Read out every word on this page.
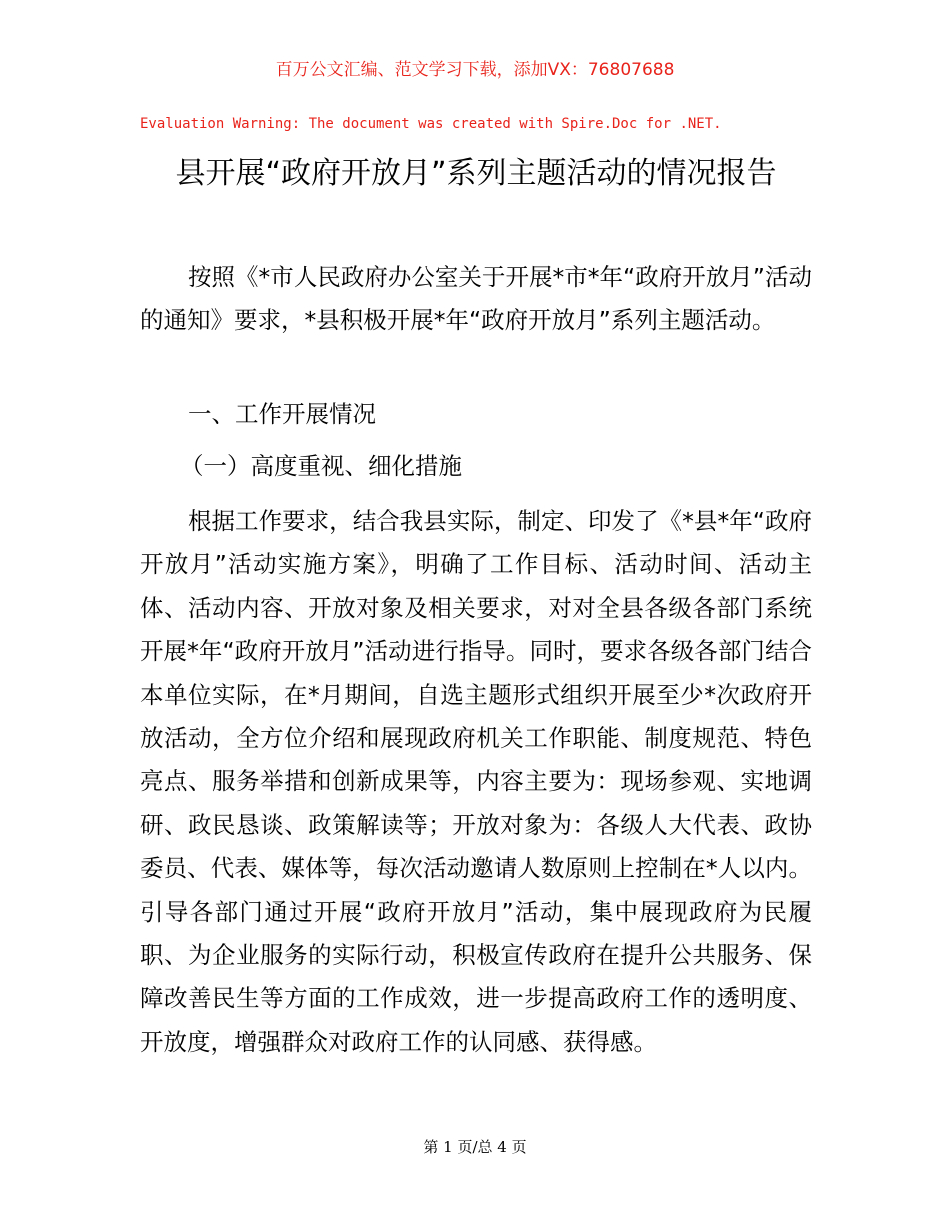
百万公文汇编、范文学习下载，添加VX：76807688
Evaluation Warning: The document was created with Spire.Doc for .NET.
县开展“政府开放月”系列主题活动的情况报告

按照《*市人民政府办公室关于开展*市*年“政府开放月”活动的通知》要求，*县积极开展*年“政府开放月”系列主题活动。

一、工作开展情况

（一）高度重视、细化措施

根据工作要求，结合我县实际，制定、印发了《*县*年“政府开放月”活动实施方案》，明确了工作目标、活动时间、活动主体、活动内容、开放对象及相关要求，对对全县各级各部门系统开展*年“政府开放月”活动进行指导。同时，要求各级各部门结合本单位实际，在*月期间，自选主题形式组织开展至少*次政府开放活动，全方位介绍和展现政府机关工作职能、制度规范、特色亮点、服务举措和创新成果等，内容主要为：现场参观、实地调研、政民恳谈、政策解读等；开放对象为：各级人大代表、政协委员、代表、媒体等，每次活动邀请人数原则上控制在*人以内。引导各部门通过开展“政府开放月”活动，集中展现政府为民履职、为企业服务的实际行动，积极宣传政府在提升公共服务、保障改善民生等方面的工作成效，进一步提高政府工作的透明度、开放度，增强群众对政府工作的认同感、获得感。

第 1 页/总 4 页
